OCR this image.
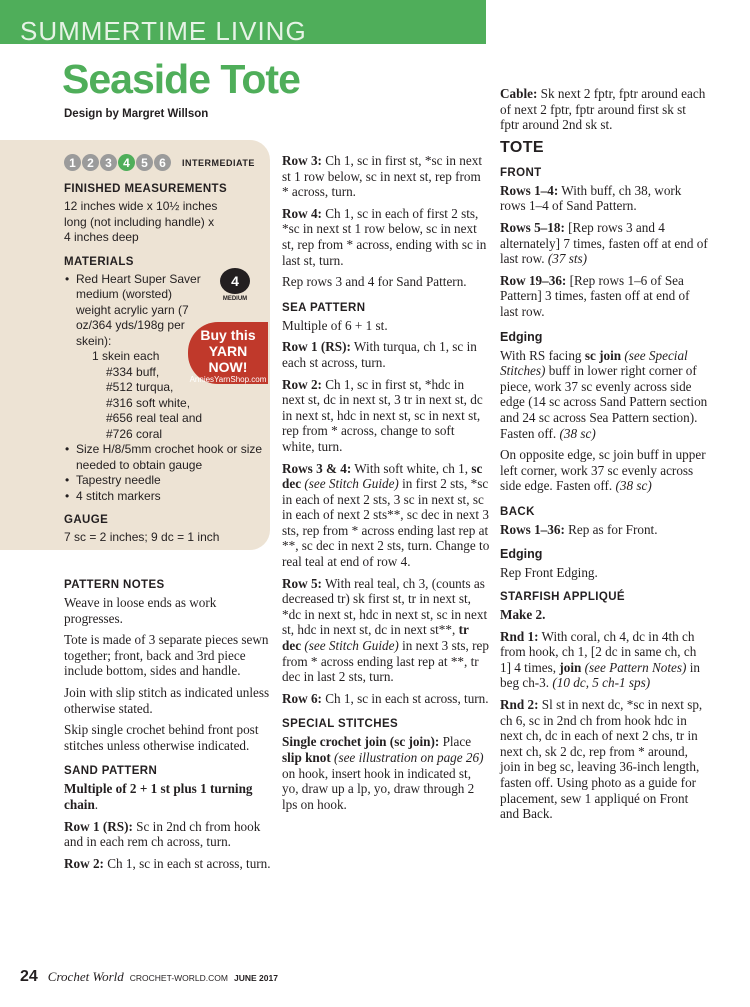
SUMMERTIME LIVING
Seaside Tote
Design by Margret Willson
1 2 3 4 5 6	INTERMEDIATE
FINISHED MEASUREMENTS
12 inches wide x 10½ inches long (not including handle) x 4 inches deep
MATERIALS
• Red Heart Super Saver medium (worsted) weight acrylic yarn (7 oz/364 yds/198g per skein):
1 skein each
#334 buff,
#512 turqua,
#316 soft white,
#656 real teal and
#726 coral
• Size H/8/5mm crochet hook or size needed to obtain gauge
• Tapestry needle
• 4 stitch markers
GAUGE
7 sc = 2 inches; 9 dc = 1 inch
4
MEDIUM
Buy this
YARN NOW!
AnniesYarnShop.com
PATTERN NOTES

Weave in loose ends as work progresses.

Tote is made of 3 separate pieces sewn together; front, back and 3rd piece include bottom, sides and handle.

Join with slip stitch as indicated unless otherwise stated.

Skip single crochet behind front post stitches unless otherwise indicated.

SAND PATTERN

Multiple of 2 + 1 st plus 1 turning chain.

Row 1 (RS): Sc in 2nd ch from hook and in each rem ch across, turn.

Row 2: Ch 1, sc in each st across, turn.

Row 3: Ch 1, sc in first st, *sc in next st 1 row below, sc in next st, rep from * across, turn.

Row 4: Ch 1, sc in each of first 2 sts, *sc in next st 1 row below, sc in next st, rep from * across, ending with sc in last st, turn.

Rep rows 3 and 4 for Sand Pattern.

SEA PATTERN

Multiple of 6 + 1 st.

Row 1 (RS): With turqua, ch 1, sc in each st across, turn.

Row 2: Ch 1, sc in first st, *hdc in next st, dc in next st, 3 tr in next st, dc in next st, hdc in next st, sc in next st, rep from * across, change to soft white, turn.

Rows 3 & 4: With soft white, ch 1, sc dec (see Stitch Guide) in first 2 sts, *sc in each of next 2 sts, 3 sc in next st, sc in each of next 2 sts**, sc dec in next 3 sts, rep from * across ending last rep at **, sc dec in next 2 sts, turn. Change to real teal at end of row 4.

Row 5: With real teal, ch 3, (counts as decreased tr) sk first st, tr in next st, *dc in next st, hdc in next st, sc in next st, hdc in next st, dc in next st**, tr dec (see Stitch Guide) in next 3 sts, rep from * across ending last rep at **, tr dec in last 2 sts, turn.

Row 6: Ch 1, sc in each st across, turn.

SPECIAL STITCHES

Single crochet join (sc join): Place slip knot (see illustration on page 26) on hook, insert hook in indicated st, yo, draw up a lp, yo, draw through 2 lps on hook.

Cable: Sk next 2 fptr, fptr around each of next 2 fptr, fptr around first sk st fptr around 2nd sk st.

TOTE
FRONT

Rows 1–4: With buff, ch 38, work rows 1–4 of Sand Pattern.

Rows 5–18: [Rep rows 3 and 4 alternately] 7 times, fasten off at end of last row. (37 sts)

Row 19–36: [Rep rows 1–6 of Sea Pattern] 3 times, fasten off at end of last row.

Edging

With RS facing sc join (see Special Stitches) buff in lower right corner of piece, work 37 sc evenly across side edge (14 sc across Sand Pattern section and 24 sc across Sea Pattern section). Fasten off. (38 sc)

On opposite edge, sc join buff in upper left corner, work 37 sc evenly across side edge. Fasten off. (38 sc)

BACK

Rows 1–36: Rep as for Front.

Edging

Rep Front Edging.

STARFISH APPLIQUÉ

Make 2.

Rnd 1: With coral, ch 4, dc in 4th ch from hook, ch 1, [2 dc in same ch, ch 1] 4 times, join (see Pattern Notes) in beg ch-3. (10 dc, 5 ch-1 sps)

Rnd 2: Sl st in next dc, *sc in next sp, ch 6, sc in 2nd ch from hook hdc in next ch, dc in each of next 2 chs, tr in next ch, sk 2 dc, rep from * around, join in beg sc, leaving 36-inch length, fasten off. Using photo as a guide for placement, sew 1 appliqué on Front and Back.

24 Crochet World CROCHET-WORLD.COM JUNE 2017
